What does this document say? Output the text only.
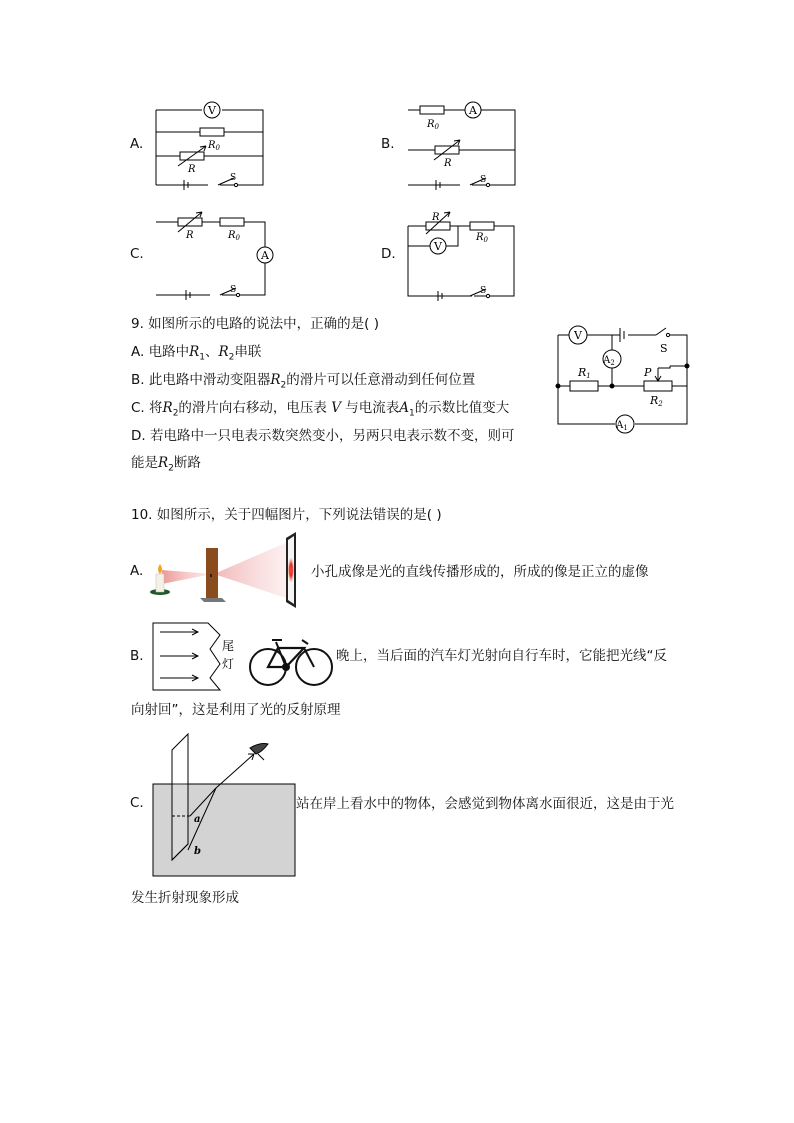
A.	B.
C.	D.
V
$R_0$
R
S
$R_0$
A
R
S
R	$R_0$
A
S
R
V
$R_0$
S
9. 如图所示的电路的说法中，正确的是( )
A. 电路中$R_1$、$R_2$串联
B. 此电路中滑动变阻器$R_2$的滑片可以任意滑动到任何位置
C. 将$R_2$的滑片向右移动，电压表 V 与电流表$A_1$的示数比值变大
D. 若电路中一只电表示数突然变小，另两只电表示数不变，则可
能是$R_2$断路
V
S
$A_2$
R1
R2
P
$A_1$
10. 如图所示，关于四幅图片，下列说法错误的是( )
A.	小孔成像是光的直线传播形成的，所成的像是正立的虚像
B.
尾
灯	晚上，当后面的汽车灯光射向自行车时，它能把光线“反
向射回”，这是利用了光的反射原理
C.
a
b
站在岸上看水中的物体，会感觉到物体离水面很近，这是由于光
发生折射现象形成
